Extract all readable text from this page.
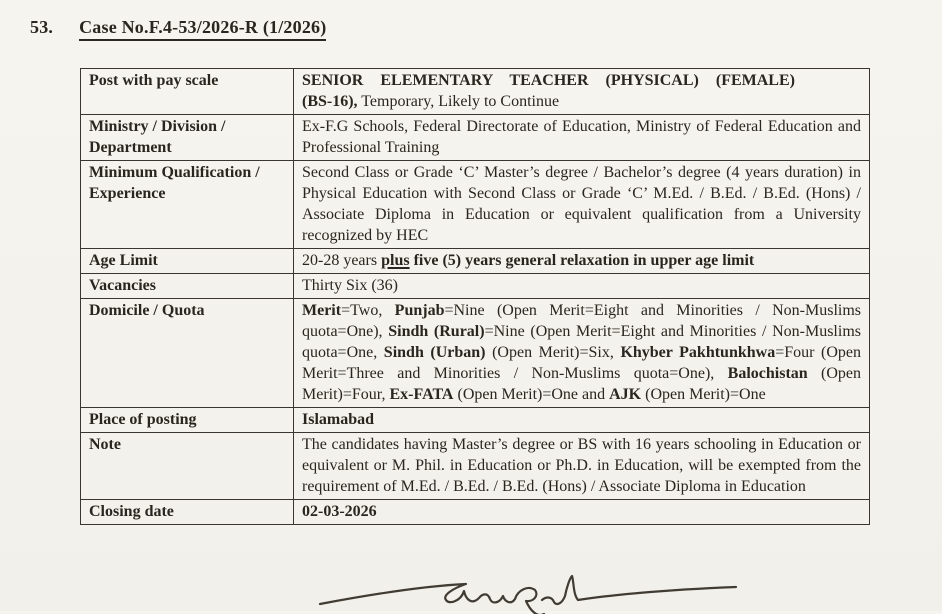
53. Case No.F.4-53/2026-R (1/2026)
Post with pay scale	SENIOR ELEMENTARY TEACHER (PHYSICAL) (FEMALE)
(BS-16), Temporary, Likely to Continue
Ministry / Division / Department	Ex-F.G Schools, Federal Directorate of Education, Ministry of Federal Education and Professional Training
Minimum Qualification / Experience	Second Class or Grade ‘C’ Master’s degree / Bachelor’s degree (4 years duration) in Physical Education with Second Class or Grade ‘C’ M.Ed. / B.Ed. / B.Ed. (Hons) / Associate Diploma in Education or equivalent qualification from a University recognized by HEC
Age Limit	20-28 years plus five (5) years general relaxation in upper age limit
Vacancies	Thirty Six (36)
Domicile / Quota	Merit=Two, Punjab=Nine (Open Merit=Eight and Minorities / Non-Muslims quota=One), Sindh (Rural)=Nine (Open Merit=Eight and Minorities / Non-Muslims quota=One, Sindh (Urban) (Open Merit)=Six, Khyber Pakhtunkhwa=Four (Open Merit=Three and Minorities / Non-Muslims quota=One), Balochistan (Open Merit)=Four, Ex-FATA (Open Merit)=One and AJK (Open Merit)=One
Place of posting	Islamabad
Note	The candidates having Master’s degree or BS with 16 years schooling in Education or equivalent or M. Phil. in Education or Ph.D. in Education, will be exempted from the requirement of M.Ed. / B.Ed. / B.Ed. (Hons) / Associate Diploma in Education
Closing date	02-03-2026
